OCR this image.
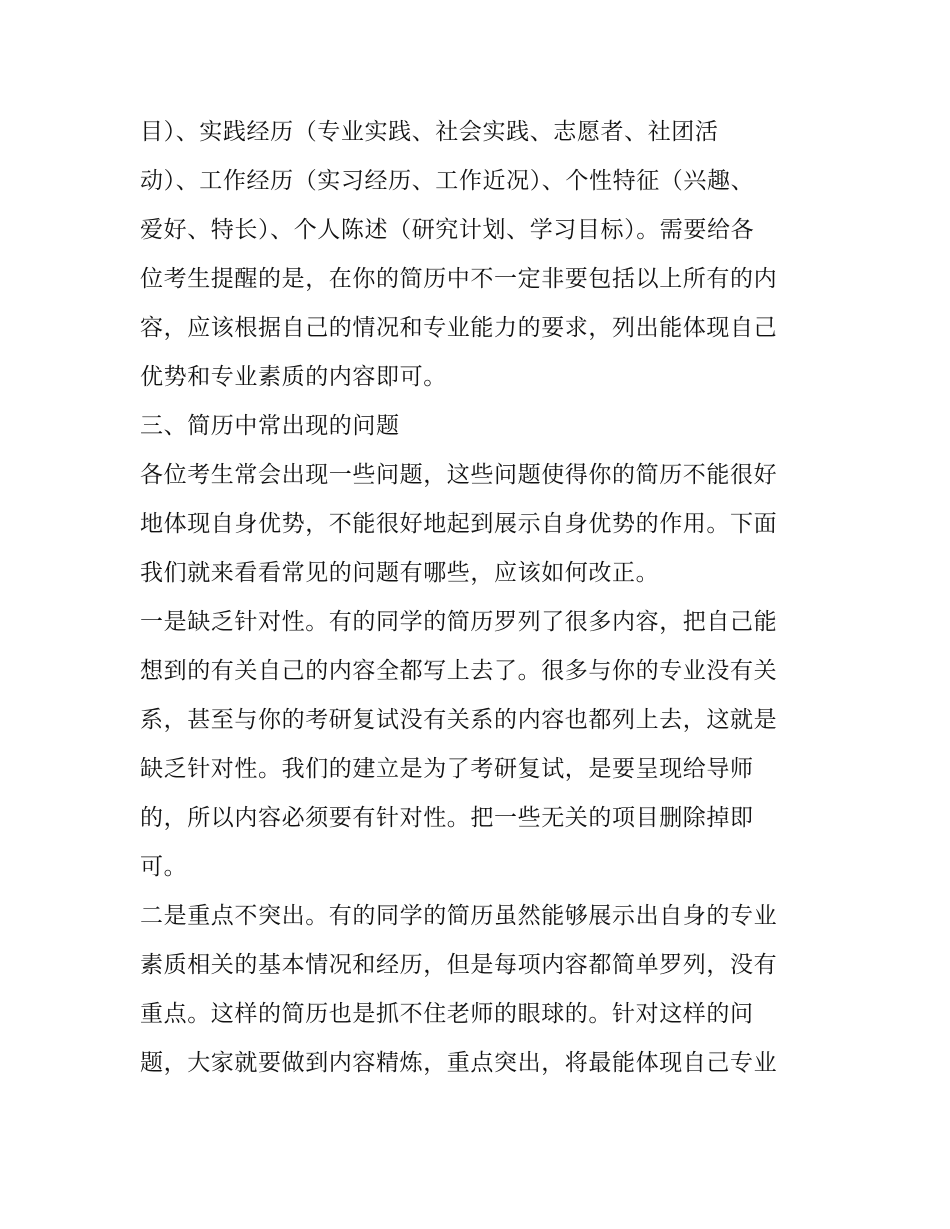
目）、实践经历（专业实践、社会实践、志愿者、社团活
动）、工作经历（实习经历、工作近况）、个性特征（兴趣、
爱好、特长）、个人陈述（研究计划、学习目标）。需要给各
位考生提醒的是，在你的简历中不一定非要包括以上所有的内
容，应该根据自己的情况和专业能力的要求，列出能体现自己
优势和专业素质的内容即可。
三、简历中常出现的问题
各位考生常会出现一些问题，这些问题使得你的简历不能很好
地体现自身优势，不能很好地起到展示自身优势的作用。下面
我们就来看看常见的问题有哪些，应该如何改正。
一是缺乏针对性。有的同学的简历罗列了很多内容，把自己能
想到的有关自己的内容全都写上去了。很多与你的专业没有关
系，甚至与你的考研复试没有关系的内容也都列上去，这就是
缺乏针对性。我们的建立是为了考研复试，是要呈现给导师
的，所以内容必须要有针对性。把一些无关的项目删除掉即
可。
二是重点不突出。有的同学的简历虽然能够展示出自身的专业
素质相关的基本情况和经历，但是每项内容都简单罗列，没有
重点。这样的简历也是抓不住老师的眼球的。针对这样的问
题，大家就要做到内容精炼，重点突出，将最能体现自己专业
